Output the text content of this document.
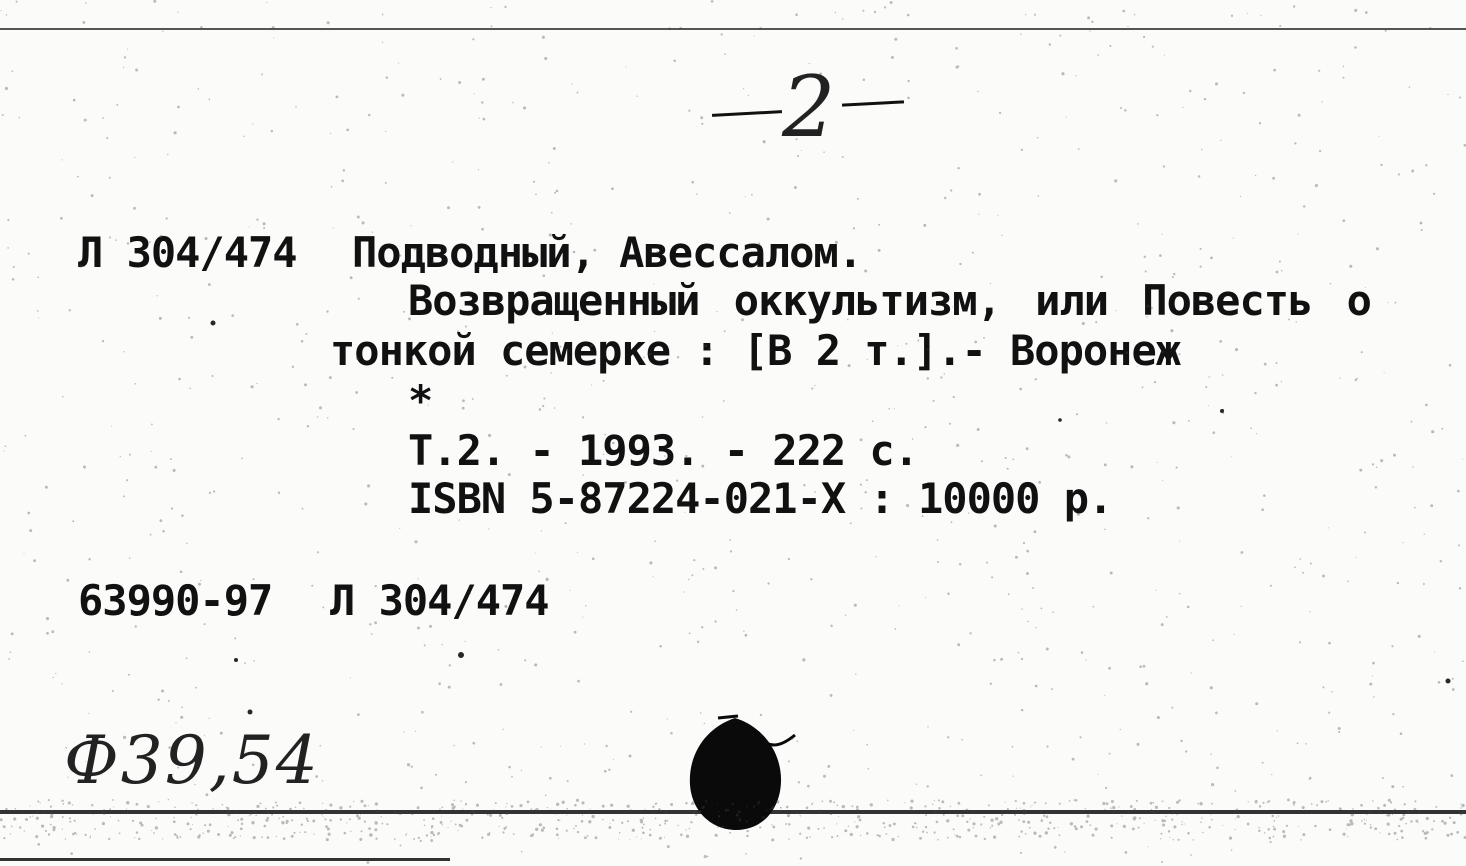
2
Л 304/474 Подводный, Авессалом.
Возвращенный оккультизм, или Повесть о
тонкой семерке : [В 2 т.].- Воронеж
*
Т.2. - 1993. - 222 с.
ISBN 5-87224-021-X : 10000 р.
63990-97 Л 304/474
Ф39,54
